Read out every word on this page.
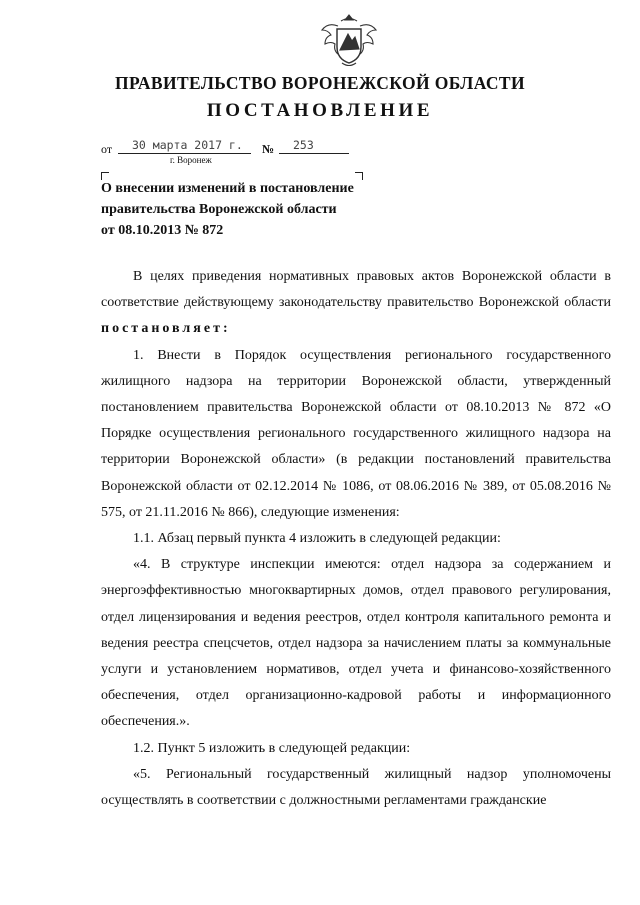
ПРАВИТЕЛЬСТВО ВОРОНЕЖСКОЙ ОБЛАСТИ
ПОСТАНОВЛЕНИЕ
от 30 марта 2017 г. № 253
г. Воронеж
О внесении изменений в постановление
правительства Воронежской области
от 08.10.2013 № 872

В целях приведения нормативных правовых актов Воронежской области в соответствие действующему законодательству правительство Воронежской области постановляет:

1. Внести в Порядок осуществления регионального государственного жилищного надзора на территории Воронежской области, утвержденный постановлением правительства Воронежской области от 08.10.2013 № 872 «О Порядке осуществления регионального государственного жилищного надзора на территории Воронежской области» (в редакции постановлений правительства Воронежской области от 02.12.2014 № 1086, от 08.06.2016 № 389, от 05.08.2016 № 575, от 21.11.2016 № 866), следующие изменения:

1.1. Абзац первый пункта 4 изложить в следующей редакции:

«4. В структуре инспекции имеются: отдел надзора за содержанием и энергоэффективностью многоквартирных домов, отдел правового регулирования, отдел лицензирования и ведения реестров, отдел контроля капитального ремонта и ведения реестра спецсчетов, отдел надзора за начислением платы за коммунальные услуги и установлением нормативов, отдел учета и финансово-хозяйственного обеспечения, отдел организационно-кадровой работы и информационного обеспечения.».

1.2. Пункт 5 изложить в следующей редакции:

«5. Региональный государственный жилищный надзор уполномочены осуществлять в соответствии с должностными регламентами гражданские
